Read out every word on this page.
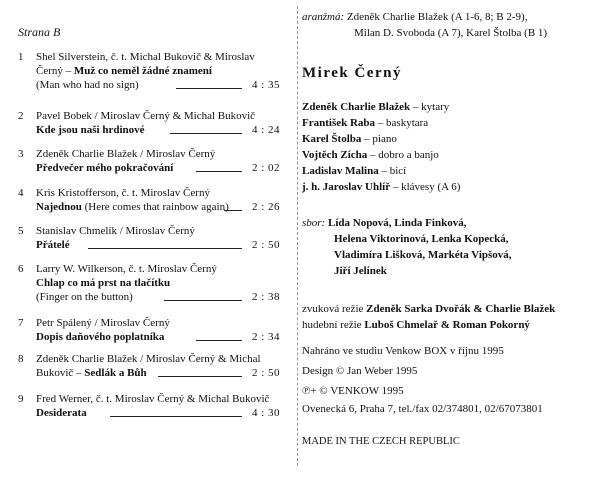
Strana B
1 Shel Silverstein, č. t. Michal Bukovič & Miroslav
Černý – Muž co neměl žádné znamení
(Man who had no sign)	4 : 35
2 Pavel Bobek / Miroslav Černý & Michal Bukovič
Kde jsou naši hrdinové	4 : 24
3 Zdeněk Charlie Blažek / Miroslav Černý
Předvečer mého pokračování	2 : 02
4 Kris Kristofferson, č. t. Miroslav Černý
Najednou (Here comes that rainbow again) 2 : 26
5 Stanislav Chmelík / Miroslav Černý
Přátelé	2 : 50
6 Larry W. Wilkerson, č. t. Miroslav Černý
Chlap co má prst na tlačítku
(Finger on the button)	2 : 38
7 Petr Spálený / Miroslav Černý
Dopis daňového poplatníka	2 : 34
8 Zdeněk Charlie Blažek / Miroslav Černý & Michal
Bukovič – Sedlák a Bůh	2 : 50
9 Fred Werner, č. t. Miroslav Černý & Michal Bukovič
Desiderata	4 : 30
aranžmá: Zdeněk Charlie Blažek (A 1-6, 8; B 2-9),
Milan D. Svoboda (A 7), Karel Štolba (B 1)
Mirek Černý
Zdeněk Charlie Blažek – kytary
František Raba – baskytara
Karel Štolba – piano
Vojtěch Zícha – dobro a banjo
Ladislav Malina – bicí
j. h. Jaroslav Uhlíř – klávesy (A 6)
sbor: Lída Nopová, Linda Finková,
Helena Viktorinová, Lenka Kopecká,
Vladimíra Lišková, Markéta Vipšová,
Jiří Jelínek
zvuková režie Zdeněk Sarka Dvořák & Charlie Blažek
hudební režie Luboš Chmelař & Roman Pokorný
Nahráno ve studiu Venkow BOX v říjnu 1995
Design © Jan Weber 1995
℗+ © VENKOW 1995
Ovenecká 6, Praha 7, tel./fax 02/374801, 02/67073801
MADE IN THE CZECH REPUBLIC
